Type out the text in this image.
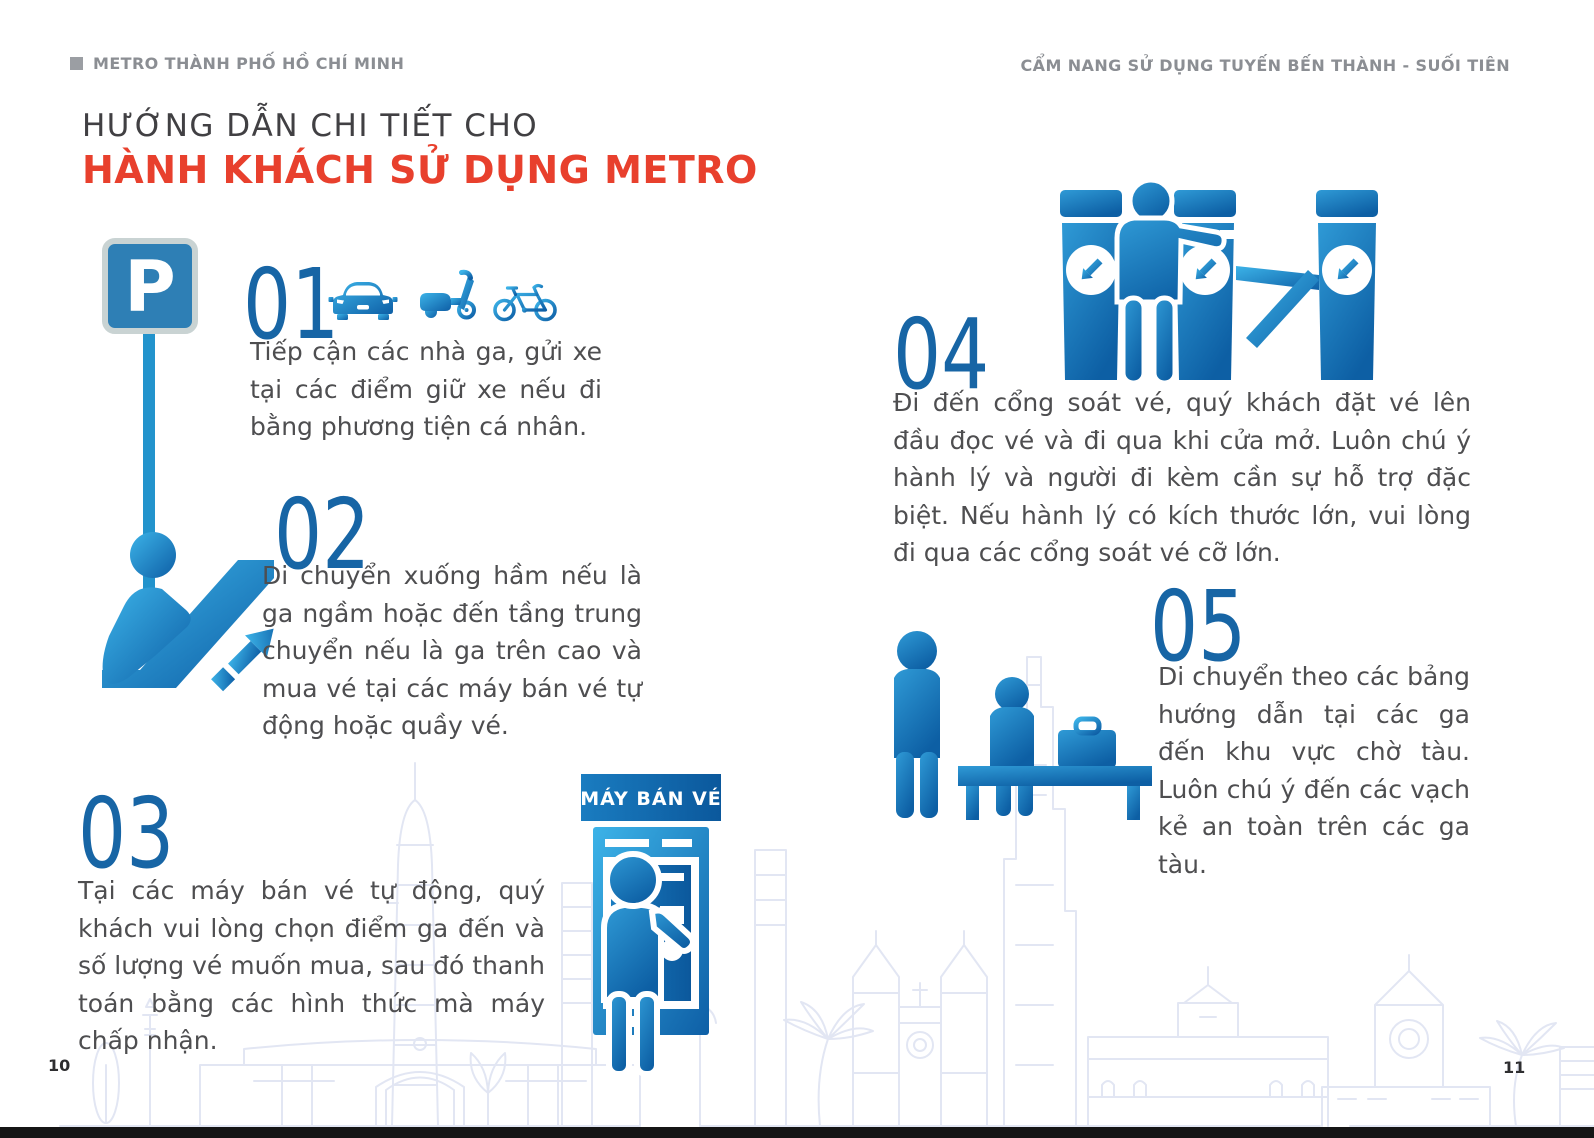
METRO THÀNH PHỐ HỒ CHÍ MINH	CẨM NANG SỬ DỤNG TUYẾN BẾN THÀNH - SUỐI TIÊN
HƯỚNG DẪN CHI TIẾT CHO
HÀNH KHÁCH SỬ DỤNG METRO
P 01
Tiếp cận các nhà ga, gửi xe tại các điểm giữ xe nếu đi bằng phương tiện cá nhân.
02
Di chuyển xuống hầm nếu là ga ngầm hoặc đến tầng trung chuyển nếu là ga trên cao và mua vé tại các máy bán vé tự động hoặc quầy vé.
03
Tại các máy bán vé tự động, quý khách vui lòng chọn điểm ga đến và số lượng vé muốn mua, sau đó thanh toán bằng các hình thức mà máy chấp nhận.
MÁY BÁN VÉ
04
Đi đến cổng soát vé, quý khách đặt vé lên đầu đọc vé và đi qua khi cửa mở. Luôn chú ý hành lý và người đi kèm cần sự hỗ trợ đặc biệt. Nếu hành lý có kích thước lớn, vui lòng đi qua các cổng soát vé cỡ lớn.
05
Di chuyển theo các bảng hướng dẫn tại các ga đến khu vực chờ tàu. Luôn chú ý đến các vạch kẻ an toàn trên các ga tàu.
10	11
